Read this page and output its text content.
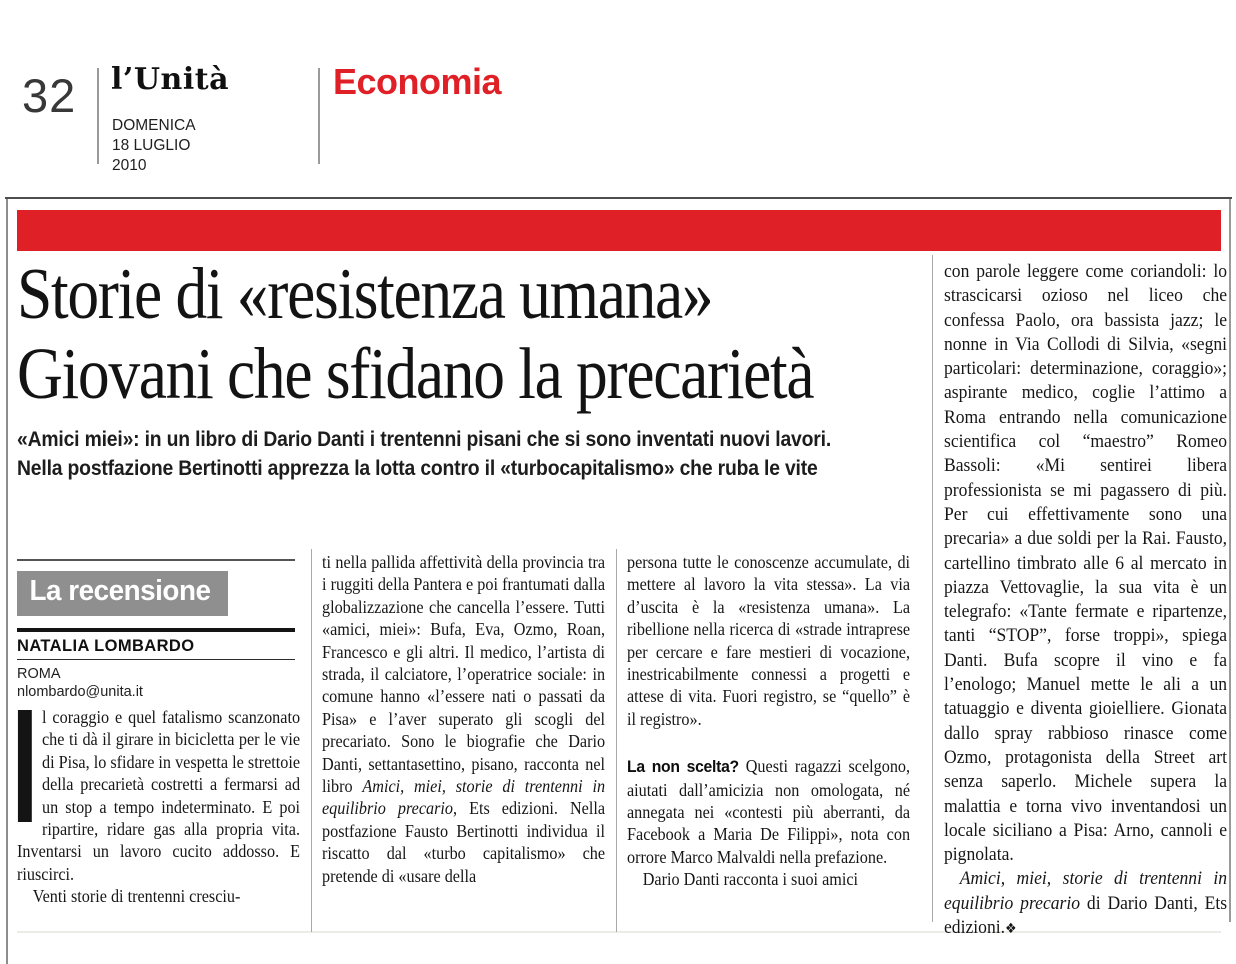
32 l’Unità
DOMENICA
18 LUGLIO
2010
Economia
Storie di «resistenza umana»
Giovani che sfidano la precarietà
«Amici miei»: in un libro di Dario Danti i trentenni pisani che si sono inventati nuovi lavori.
Nella postfazione Bertinotti apprezza la lotta contro il «turbocapitalismo» che ruba le vite
La recensione
NATALIA LOMBARDO
ROMA
nlombardo@unita.it

l coraggio e quel fatalismo scanzonato che ti dà il girare in bicicletta per le vie di Pisa, lo sfidare in vespetta le strettoie della precarietà costretti a fermarsi ad un stop a tempo indeterminato. E poi ripartire, ridare gas alla propria vita. Inventarsi un lavoro cucito addosso. E riuscirci.

Venti storie di trentenni cresciu-

ti nella pallida affettività della provincia tra i ruggiti della Pantera e poi frantumati dalla globalizzazione che cancella l’essere. Tutti «amici, miei»: Bufa, Eva, Ozmo, Roan, Francesco e gli altri. Il medico, l’artista di strada, il calciatore, l’operatrice sociale: in comune hanno «l’essere nati o passati da Pisa» e l’aver superato gli scogli del precariato. Sono le biografie che Dario Danti, settantasettino, pisano, racconta nel libro Amici, miei, storie di trentenni in equilibrio precario, Ets edizioni. Nella postfazione Fausto Bertinotti individua il riscatto dal «turbo capitalismo» che pretende di «usare della

persona tutte le conoscenze accumulate, di mettere al lavoro la vita stessa». La via d’uscita è la «resistenza umana». La ribellione nella ricerca di «strade intraprese per cercare e fare mestieri di vocazione, inestricabilmente connessi a progetti e attese di vita. Fuori registro, se “quello” è il registro».

La non scelta? Questi ragazzi scelgono, aiutati dall’amicizia non omologata, né annegata nei «contesti più aberranti, da Facebook a Maria De Filippi», nota con orrore Marco Malvaldi nella prefazione.

Dario Danti racconta i suoi amici

con parole leggere come coriandoli: lo strascicarsi ozioso nel liceo che confessa Paolo, ora bassista jazz; le nonne in Via Collodi di Silvia, «segni particolari: determinazione, coraggio»; aspirante medico, coglie l’attimo a Roma entrando nella comunicazione scientifica col “maestro” Romeo Bassoli: «Mi sentirei libera professionista se mi pagassero di più. Per cui effettivamente sono una precaria» a due soldi per la Rai. Fausto, cartellino timbrato alle 6 al mercato in piazza Vettovaglie, la sua vita è un telegrafo: «Tante fermate e ripartenze, tanti “STOP”, forse troppi», spiega Danti. Bufa scopre il vino e fa l’enologo; Manuel mette le ali a un tatuaggio e diventa gioielliere. Gionata dallo spray rabbioso rinasce come Ozmo, protagonista della Street art senza saperlo. Michele supera la malattia e torna vivo inventandosi un locale siciliano a Pisa: Arno, cannoli e pignolata.

Amici, miei, storie di trentenni in equilibrio precario di Dario Danti, Ets edizioni.❖
